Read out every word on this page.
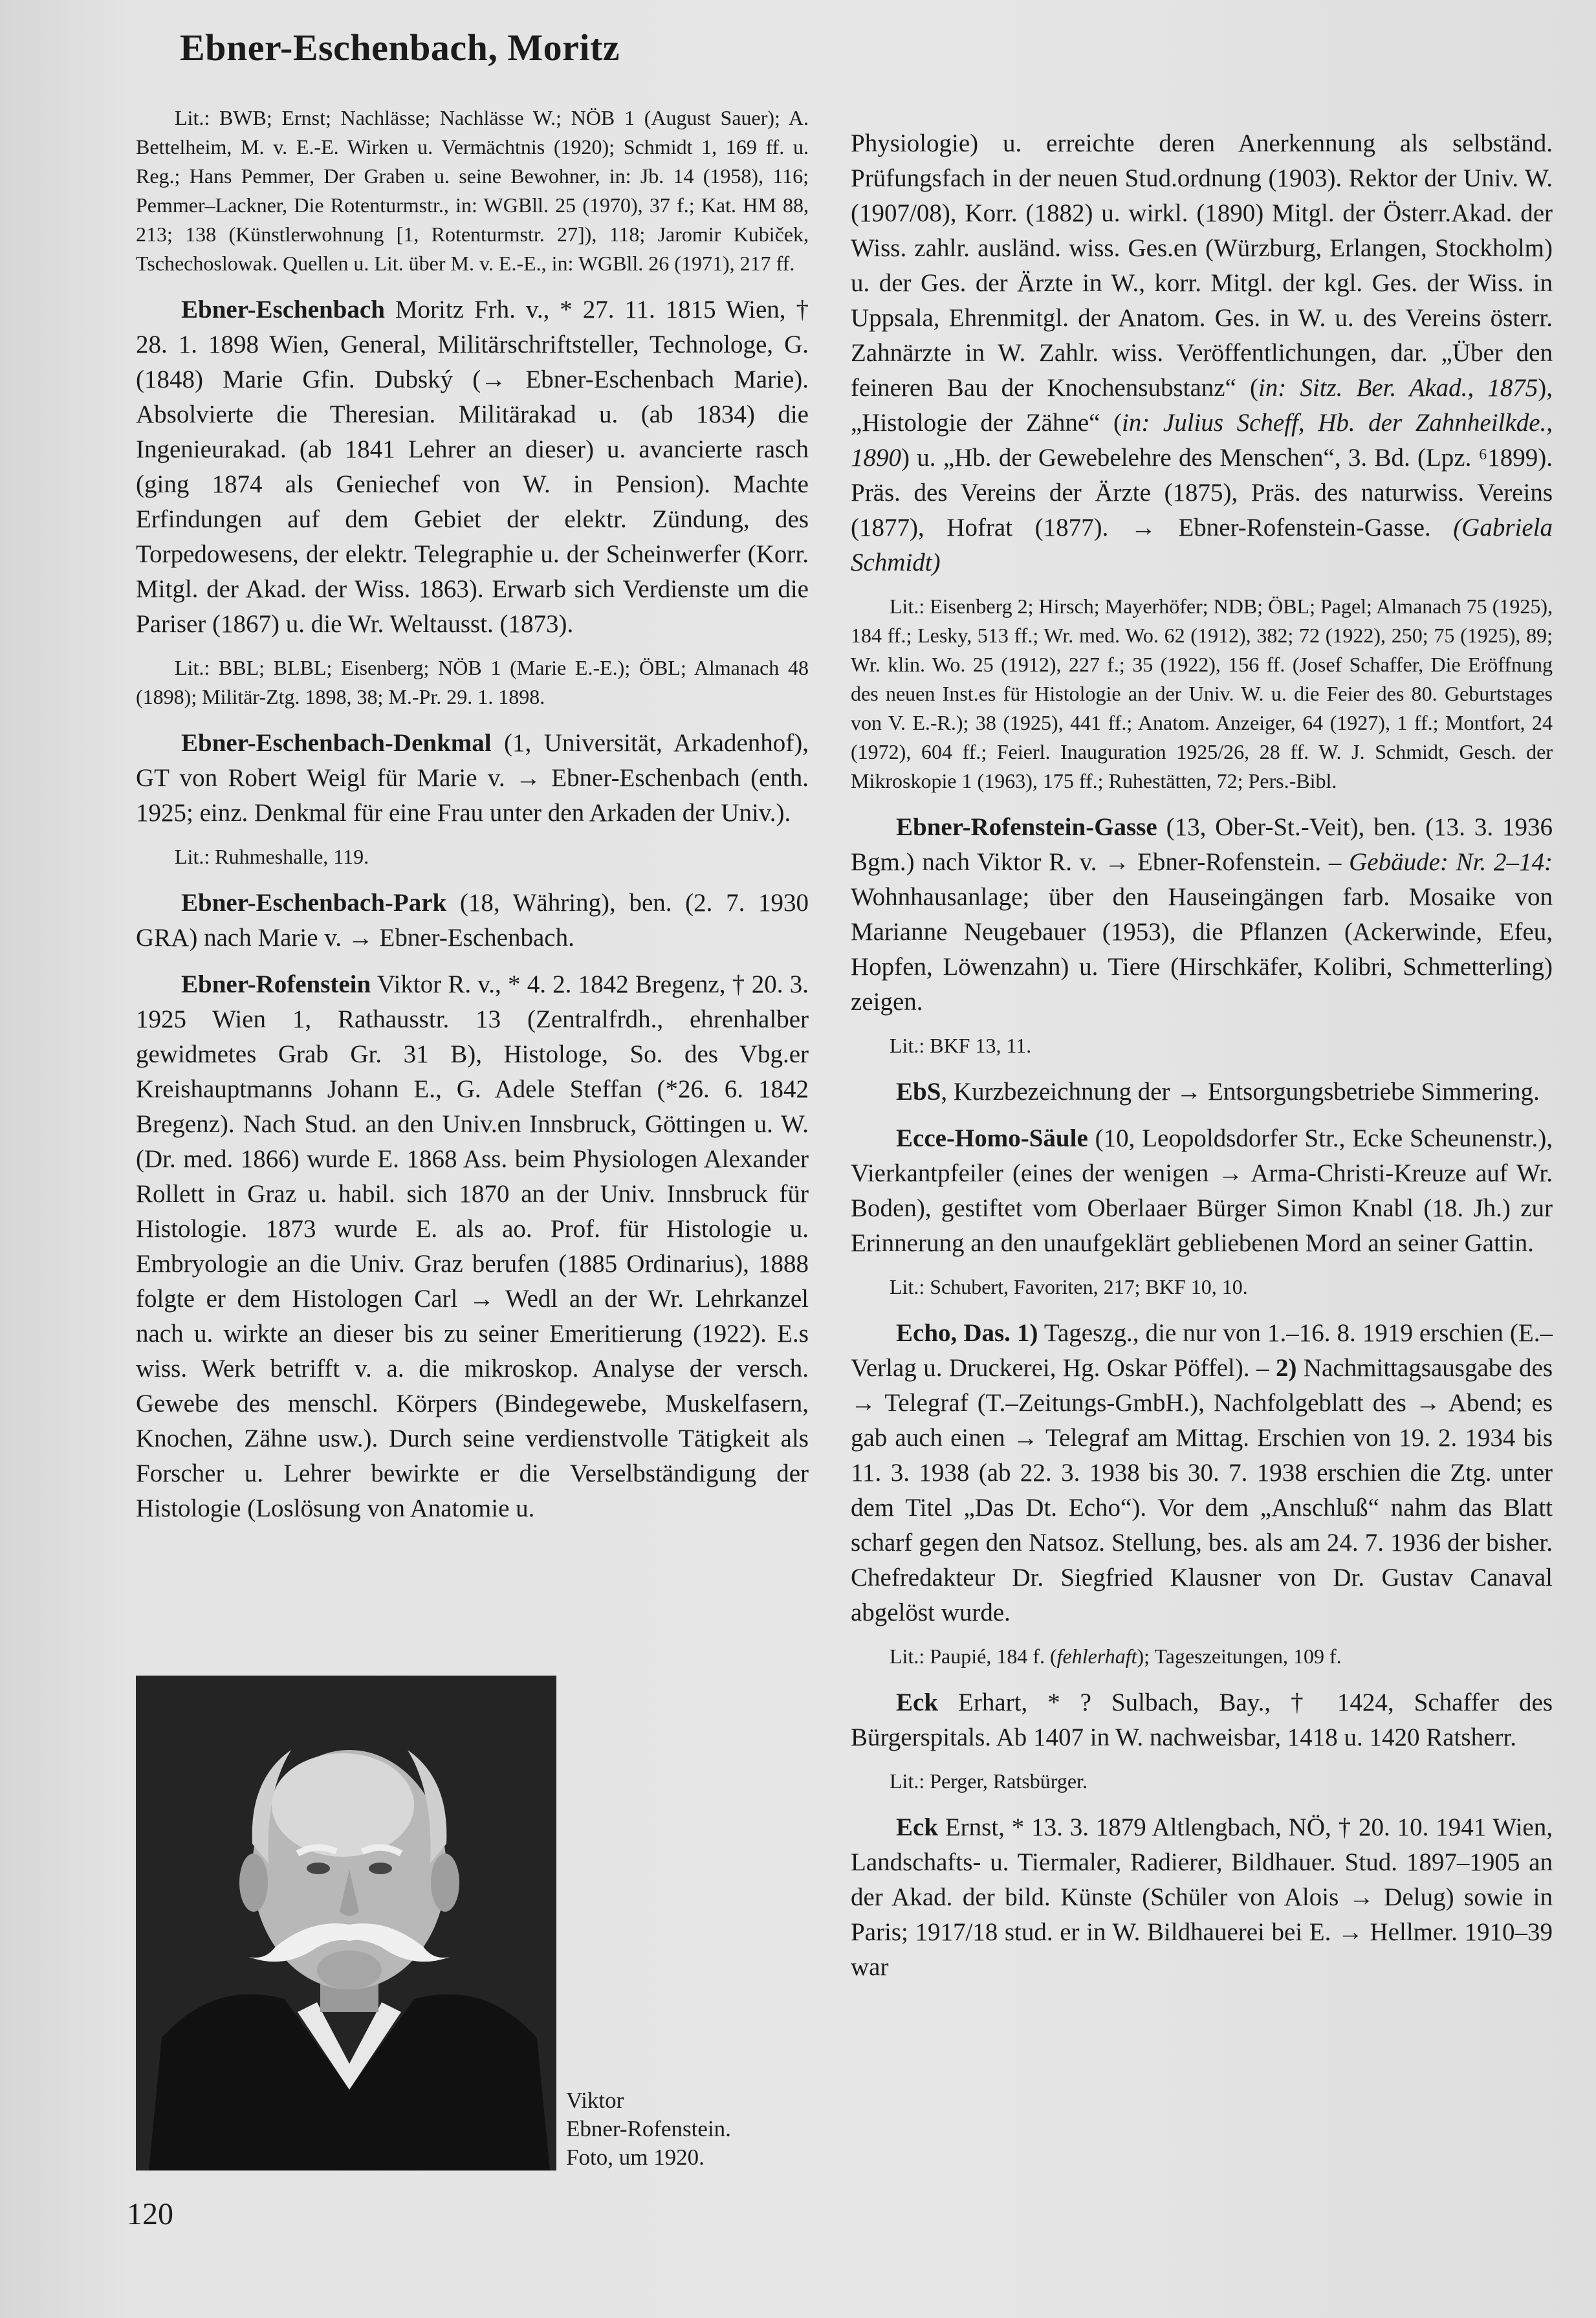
Ebner-Eschenbach, Moritz

Lit.: BWB; Ernst; Nachlässe; Nachlässe W.; NÖB 1 (August Sauer); A. Bettelheim, M. v. E.-E. Wirken u. Vermächtnis (1920); Schmidt 1, 169 ff. u. Reg.; Hans Pemmer, Der Graben u. seine Bewohner, in: Jb. 14 (1958), 116; Pemmer–Lackner, Die Rotenturmstr., in: WGBll. 25 (1970), 37 f.; Kat. HM 88, 213; 138 (Künstlerwohnung [1, Rotenturmstr. 27]), 118; Jaromir Kubiček, Tschechoslowak. Quellen u. Lit. über M. v. E.-E., in: WGBll. 26 (1971), 217 ff.

Ebner-Eschenbach Moritz Frh. v., * 27. 11. 1815 Wien, † 28. 1. 1898 Wien, General, Militärschriftsteller, Technologe, G. (1848) Marie Gfin. Dubský (→ Ebner-Eschenbach Marie). Absolvierte die Theresian. Militärakad u. (ab 1834) die Ingenieurakad. (ab 1841 Lehrer an dieser) u. avancierte rasch (ging 1874 als Geniechef von W. in Pension). Machte Erfindungen auf dem Gebiet der elektr. Zündung, des Torpedowesens, der elektr. Telegraphie u. der Scheinwerfer (Korr. Mitgl. der Akad. der Wiss. 1863). Erwarb sich Verdienste um die Pariser (1867) u. die Wr. Weltausst. (1873).

Lit.: BBL; BLBL; Eisenberg; NÖB 1 (Marie E.-E.); ÖBL; Almanach 48 (1898); Militär-Ztg. 1898, 38; M.-Pr. 29. 1. 1898.

Ebner-Eschenbach-Denkmal (1, Universität, Arkadenhof), GT von Robert Weigl für Marie v. → Ebner-Eschenbach (enth. 1925; einz. Denkmal für eine Frau unter den Arkaden der Univ.).

Lit.: Ruhmeshalle, 119.

Ebner-Eschenbach-Park (18, Währing), ben. (2. 7. 1930 GRA) nach Marie v. → Ebner-Eschenbach.

Ebner-Rofenstein Viktor R. v., * 4. 2. 1842 Bregenz, † 20. 3. 1925 Wien 1, Rathausstr. 13 (Zentralfrdh., ehrenhalber gewidmetes Grab Gr. 31 B), Histologe, So. des Vbg.er Kreishauptmanns Johann E., G. Adele Steffan (*26. 6. 1842 Bregenz). Nach Stud. an den Univ.en Innsbruck, Göttingen u. W. (Dr. med. 1866) wurde E. 1868 Ass. beim Physiologen Alexander Rollett in Graz u. habil. sich 1870 an der Univ. Innsbruck für Histologie. 1873 wurde E. als ao. Prof. für Histologie u. Embryologie an die Univ. Graz berufen (1885 Ordinarius), 1888 folgte er dem Histologen Carl → Wedl an der Wr. Lehrkanzel nach u. wirkte an dieser bis zu seiner Emeritierung (1922). E.s wiss. Werk betrifft v. a. die mikroskop. Analyse der versch. Gewebe des menschl. Körpers (Bindegewebe, Muskelfasern, Knochen, Zähne usw.). Durch seine verdienstvolle Tätigkeit als Forscher u. Lehrer bewirkte er die Verselbständigung der Histologie (Loslösung von Anatomie u.

Viktor
Ebner-Rofenstein.
Foto, um 1920.

Physiologie) u. erreichte deren Anerkennung als selbständ. Prüfungsfach in der neuen Stud.ordnung (1903). Rektor der Univ. W. (1907/08), Korr. (1882) u. wirkl. (1890) Mitgl. der Österr.Akad. der Wiss. zahlr. ausländ. wiss. Ges.en (Würzburg, Erlangen, Stockholm) u. der Ges. der Ärzte in W., korr. Mitgl. der kgl. Ges. der Wiss. in Uppsala, Ehrenmitgl. der Anatom. Ges. in W. u. des Vereins österr. Zahnärzte in W. Zahlr. wiss. Veröffentlichungen, dar. „Über den feineren Bau der Knochensubstanz“ (in: Sitz. Ber. Akad., 1875), „Histologie der Zähne“ (in: Julius Scheff, Hb. der Zahnheilkde., 1890) u. „Hb. der Gewebelehre des Menschen“, 3. Bd. (Lpz. ⁶1899). Präs. des Vereins der Ärzte (1875), Präs. des naturwiss. Vereins (1877), Hofrat (1877). → Ebner-Rofenstein-Gasse. (Gabriela Schmidt)

Lit.: Eisenberg 2; Hirsch; Mayerhöfer; NDB; ÖBL; Pagel; Almanach 75 (1925), 184 ff.; Lesky, 513 ff.; Wr. med. Wo. 62 (1912), 382; 72 (1922), 250; 75 (1925), 89; Wr. klin. Wo. 25 (1912), 227 f.; 35 (1922), 156 ff. (Josef Schaffer, Die Eröffnung des neuen Inst.es für Histologie an der Univ. W. u. die Feier des 80. Geburtstages von V. E.-R.); 38 (1925), 441 ff.; Anatom. Anzeiger, 64 (1927), 1 ff.; Montfort, 24 (1972), 604 ff.; Feierl. Inauguration 1925/26, 28 ff. W. J. Schmidt, Gesch. der Mikroskopie 1 (1963), 175 ff.; Ruhestätten, 72; Pers.-Bibl.

Ebner-Rofenstein-Gasse (13, Ober-St.-Veit), ben. (13. 3. 1936 Bgm.) nach Viktor R. v. → Ebner-Rofenstein. – Gebäude: Nr. 2–14: Wohnhausanlage; über den Hauseingängen farb. Mosaike von Marianne Neugebauer (1953), die Pflanzen (Ackerwinde, Efeu, Hopfen, Löwenzahn) u. Tiere (Hirschkäfer, Kolibri, Schmetterling) zeigen.

Lit.: BKF 13, 11.

EbS, Kurzbezeichnung der → Entsorgungsbetriebe Simmering.

Ecce-Homo-Säule (10, Leopoldsdorfer Str., Ecke Scheunenstr.), Vierkantpfeiler (eines der wenigen → Arma-Christi-Kreuze auf Wr. Boden), gestiftet vom Oberlaaer Bürger Simon Knabl (18. Jh.) zur Erinnerung an den unaufgeklärt gebliebenen Mord an seiner Gattin.

Lit.: Schubert, Favoriten, 217; BKF 10, 10.

Echo, Das. 1) Tageszg., die nur von 1.–16. 8. 1919 erschien (E.–Verlag u. Druckerei, Hg. Oskar Pöffel). – 2) Nachmittagsausgabe des → Telegraf (T.–Zeitungs-GmbH.), Nachfolgeblatt des → Abend; es gab auch einen → Telegraf am Mittag. Erschien von 19. 2. 1934 bis 11. 3. 1938 (ab 22. 3. 1938 bis 30. 7. 1938 erschien die Ztg. unter dem Titel „Das Dt. Echo“). Vor dem „Anschluß“ nahm das Blatt scharf gegen den Natsoz. Stellung, bes. als am 24. 7. 1936 der bisher. Chefredakteur Dr. Siegfried Klausner von Dr. Gustav Canaval abgelöst wurde.

Lit.: Paupié, 184 f. (fehlerhaft); Tageszeitungen, 109 f.

Eck Erhart, * ? Sulbach, Bay., † 1424, Schaffer des Bürgerspitals. Ab 1407 in W. nachweisbar, 1418 u. 1420 Ratsherr.

Lit.: Perger, Ratsbürger.

Eck Ernst, * 13. 3. 1879 Altlengbach, NÖ, † 20. 10. 1941 Wien, Landschafts- u. Tiermaler, Radierer, Bildhauer. Stud. 1897–1905 an der Akad. der bild. Künste (Schüler von Alois → Delug) sowie in Paris; 1917/18 stud. er in W. Bildhauerei bei E. → Hellmer. 1910–39 war

120
